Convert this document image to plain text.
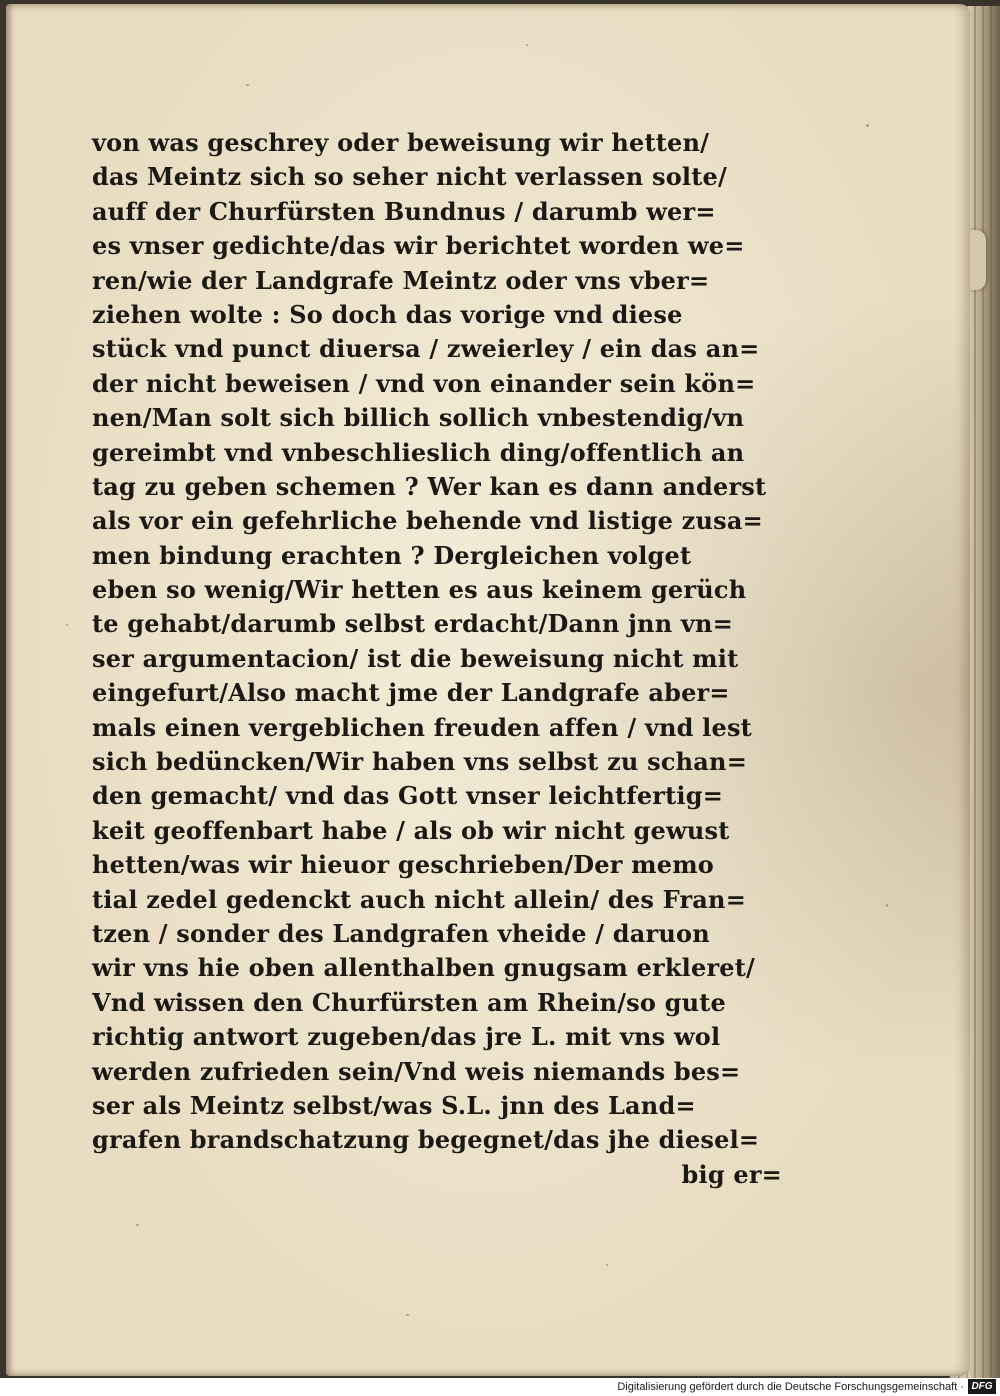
von was geschrey oder beweisung wir hetten/
das Meintz sich so seher nicht verlassen solte/
auff der Churfürsten Bundnus / darumb wer=
es vnser gedichte/das wir berichtet worden we=
ren/wie der Landgrafe Meintz oder vns vber=
ziehen wolte : So doch das vorige vnd diese
stück vnd punct diuersa / zweierley / ein das an=
der nicht beweisen / vnd von einander sein kön=
nen/Man solt sich billich sollich vnbestendig/vn
gereimbt vnd vnbeschlieslich ding/offentlich an
tag zu geben schemen ? Wer kan es dann anderst
als vor ein gefehrliche behende vnd listige zusa=
men bindung erachten ? Dergleichen volget
eben so wenig/Wir hetten es aus keinem gerüch
te gehabt/darumb selbst erdacht/Dann jnn vn=
ser argumentacion/ ist die beweisung nicht mit
eingefurt/Also macht jme der Landgrafe aber=
mals einen vergeblichen freuden affen / vnd lest
sich bedüncken/Wir haben vns selbst zu schan=
den gemacht/ vnd das Gott vnser leichtfertig=
keit geoffenbart habe / als ob wir nicht gewust
hetten/was wir hieuor geschrieben/Der memo
tial zedel gedenckt auch nicht allein/ des Fran=
tzen / sonder des Landgrafen vheide / daruon
wir vns hie oben allenthalben gnugsam erkleret/
Vnd wissen den Churfürsten am Rhein/so gute
richtig antwort zugeben/das jre L. mit vns wol
werden zufrieden sein/Vnd weis niemands bes=
ser als Meintz selbst/was S.L. jnn des Land=
grafen brandschatzung begegnet/das jhe diesel=
big er=
Digitalisierung gefördert durch die Deutsche Forschungsgemeinschaft · DFG
